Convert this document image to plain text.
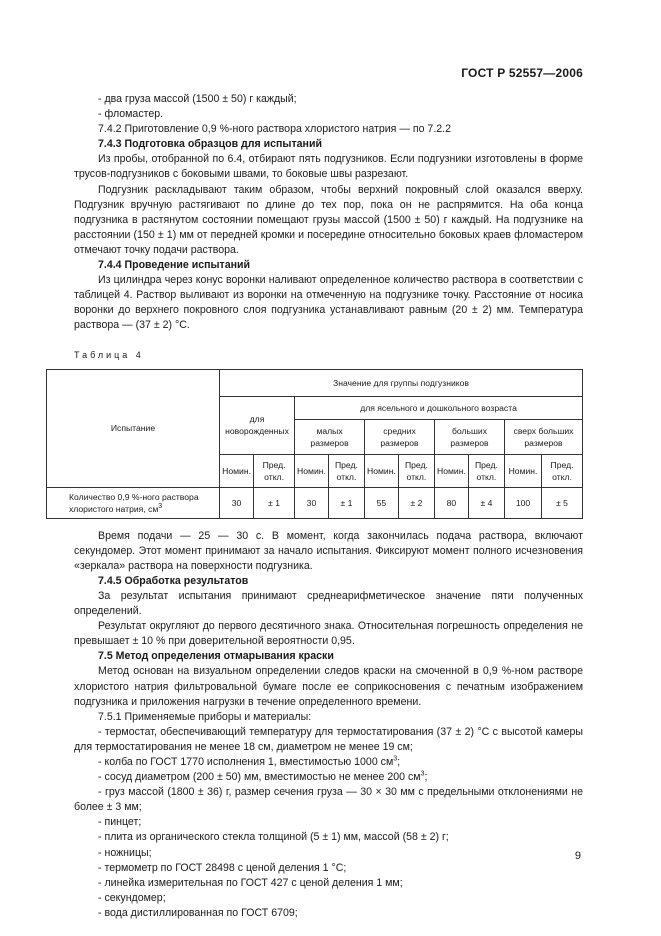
ГОСТ Р 52557—2006

- два груза массой (1500 ± 50) г каждый;

- фломастер.

7.4.2 Приготовление 0,9 %-ного раствора хлористого натрия — по 7.2.2

7.4.3 Подготовка образцов для испытаний

Из пробы, отобранной по 6.4, отбирают пять подгузников. Если подгузники изготовлены в форме трусов-подгузников с боковыми швами, то боковые швы разрезают.

Подгузник раскладывают таким образом, чтобы верхний покровный слой оказался вверху. Подгузник вручную растягивают по длине до тех пор, пока он не распрямится. На оба конца подгузника в растянутом состоянии помещают грузы массой (1500 ± 50) г каждый. На подгузнике на расстоянии (150 ± 1) мм от передней кромки и посередине относительно боковых краев фломастером отмечают точку подачи раствора.

7.4.4 Проведение испытаний

Из цилиндра через конус воронки наливают определенное количество раствора в соответствии с таблицей 4. Раствор выливают из воронки на отмеченную на подгузнике точку. Расстояние от носика воронки до верхнего покровного слоя подгузника устанавливают равным (20 ± 2) мм. Температура раствора — (37 ± 2) °С.

Таблица 4

Испытание	Значение для группы подгузников									
	для новорожденных		для ясельного и дошкольного возраста							
			малых размеров		средних размеров		больших размеров		сверх больших размеров	
	Номин.	Пред. откл.	Номин.	Пред. откл.	Номин.	Пред. откл.	Номин.	Пред. откл.	Номин.	Пред. откл.
Количество 0,9 %-ного раствора хлористого натрия, $см^3$	30	± 1	30	± 1	55	± 2	80	± 4	100	± 5

Время подачи — 25 — 30 с. В момент, когда закончилась подача раствора, включают секундомер. Этот момент принимают за начало испытания. Фиксируют момент полного исчезновения «зеркала» раствора на поверхности подгузника.

7.4.5 Обработка результатов

За результат испытания принимают среднеарифметическое значение пяти полученных определений.

Результат округляют до первого десятичного знака. Относительная погрешность определения не превышает ± 10 % при доверительной вероятности 0,95.

7.5 Метод определения отмарывания краски

Метод основан на визуальном определении следов краски на смоченной в 0,9 %-ном растворе хлористого натрия фильтровальной бумаге после ее соприкосновения с печатным изображением подгузника и приложения нагрузки в течение определенного времени.

7.5.1 Применяемые приборы и материалы:

- термостат, обеспечивающий температуру для термостатирования (37 ± 2) °С с высотой камеры для термостатирования не менее 18 см, диаметром не менее 19 см;

- колба по ГОСТ 1770 исполнения 1, вместимостью 1000 $см^3$;

- сосуд диаметром (200 ± 50) мм, вместимостью не менее 200 $см^3$;

- груз массой (1800 ± 36) г, размер сечения груза — 30 × 30 мм с предельными отклонениями не более ± 3 мм;

- пинцет;

- плита из органического стекла толщиной (5 ± 1) мм, массой (58 ± 2) г;

- ножницы;

- термометр по ГОСТ 28498 с ценой деления 1 °С;

- линейка измерительная по ГОСТ 427 с ценой деления 1 мм;

- секундомер;

- вода дистиллированная по ГОСТ 6709;

9
